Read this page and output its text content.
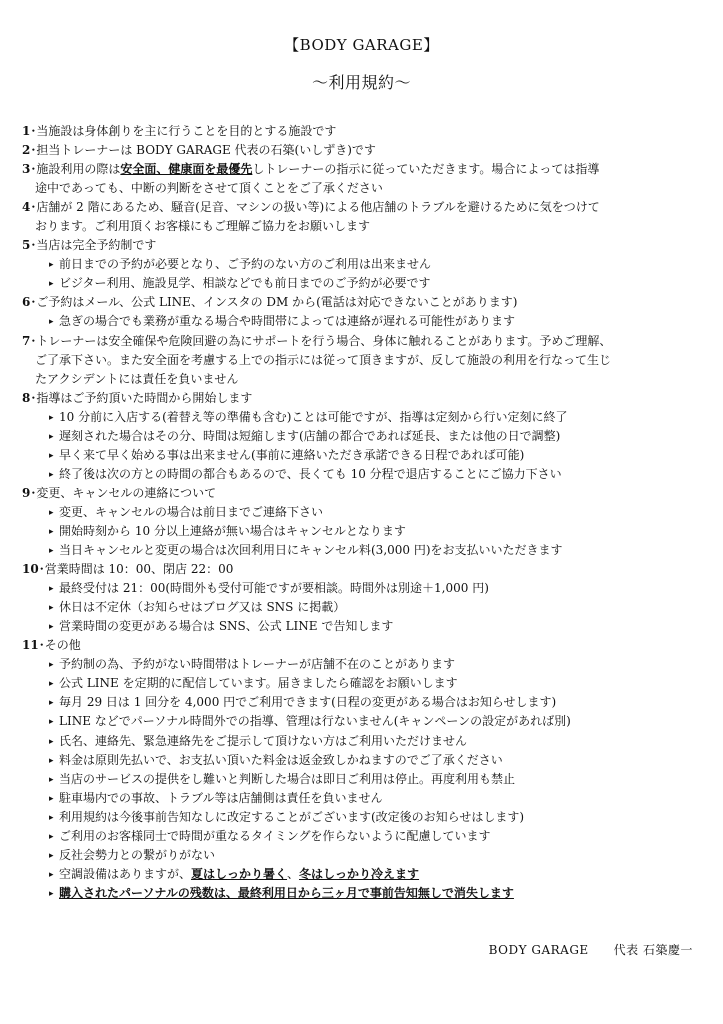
【BODY GARAGE】
～利用規約～
1･当施設は身体創りを主に行うことを目的とする施設です
2･担当トレーナーは BODY GARAGE 代表の石築(いしずき)です
3･施設利用の際は安全面、健康面を最優先しトレーナーの指示に従っていただきます。場合によっては指導
途中であっても、中断の判断をさせて頂くことをご了承ください
4･店舗が 2 階にあるため、騒音(足音、マシンの扱い等)による他店舗のトラブルを避けるために気をつけて
おります。ご利用頂くお客様にもご理解ご協力をお願いします
5･当店は完全予約制です
▸ 前日までの予約が必要となり、ご予約のない方のご利用は出来ません
▸ ビジター利用、施設見学、相談などでも前日までのご予約が必要です
6･ご予約はメール、公式 LINE、インスタの DM から(電話は対応できないことがあります)
▸ 急ぎの場合でも業務が重なる場合や時間帯によっては連絡が遅れる可能性があります
7･トレーナーは安全確保や危険回避の為にサポートを行う場合、身体に触れることがあります。予めご理解、
ご了承下さい。また安全面を考慮する上での指示には従って頂きますが、反して施設の利用を行なって生じ
たアクシデントには責任を負いません
8･指導はご予約頂いた時間から開始します
▸ 10 分前に入店する(着替え等の準備も含む)ことは可能ですが、指導は定刻から行い定刻に終了
▸ 遅刻された場合はその分、時間は短縮します(店舗の都合であれば延長、または他の日で調整)
▸ 早く来て早く始める事は出来ません(事前に連絡いただき承諾できる日程であれば可能)
▸ 終了後は次の方との時間の都合もあるので、長くても 10 分程で退店することにご協力下さい
9･変更、キャンセルの連絡について
▸ 変更、キャンセルの場合は前日までご連絡下さい
▸ 開始時刻から 10 分以上連絡が無い場合はキャンセルとなります
▸ 当日キャンセルと変更の場合は次回利用日にキャンセル料(3,000 円)をお支払いいただきます
10･営業時間は 10：00、閉店 22：00
▸ 最終受付は 21：00(時間外も受付可能ですが要相談。時間外は別途＋1,000 円)
▸ 休日は不定休（お知らせはブログ又は SNS に掲載）
▸ 営業時間の変更がある場合は SNS、公式 LINE で告知します
11･その他
▸ 予約制の為、予約がない時間帯はトレーナーが店舗不在のことがあります
▸ 公式 LINE を定期的に配信しています。届きましたら確認をお願いします
▸ 毎月 29 日は 1 回分を 4,000 円でご利用できます(日程の変更がある場合はお知らせします)
▸ LINE などでパーソナル時間外での指導、管理は行ないません(キャンペーンの設定があれば別)
▸ 氏名、連絡先、緊急連絡先をご提示して頂けない方はご利用いただけません
▸ 料金は原則先払いで、お支払い頂いた料金は返金致しかねますのでご了承ください
▸ 当店のサービスの提供をし難いと判断した場合は即日ご利用は停止。再度利用も禁止
▸ 駐車場内での事故、トラブル等は店舗側は責任を負いません
▸ 利用規約は今後事前告知なしに改定することがございます(改定後のお知らせはします)
▸ ご利用のお客様同士で時間が重なるタイミングを作らないように配慮しています
▸ 反社会勢力との繋がりがない
▸ 空調設備はありますが、夏はしっかり暑く、冬はしっかり冷えます
▸ 購入されたパーソナルの残数は、最終利用日から三ヶ月で事前告知無しで消失します
BODY GARAGE　　代表 石築慶一
